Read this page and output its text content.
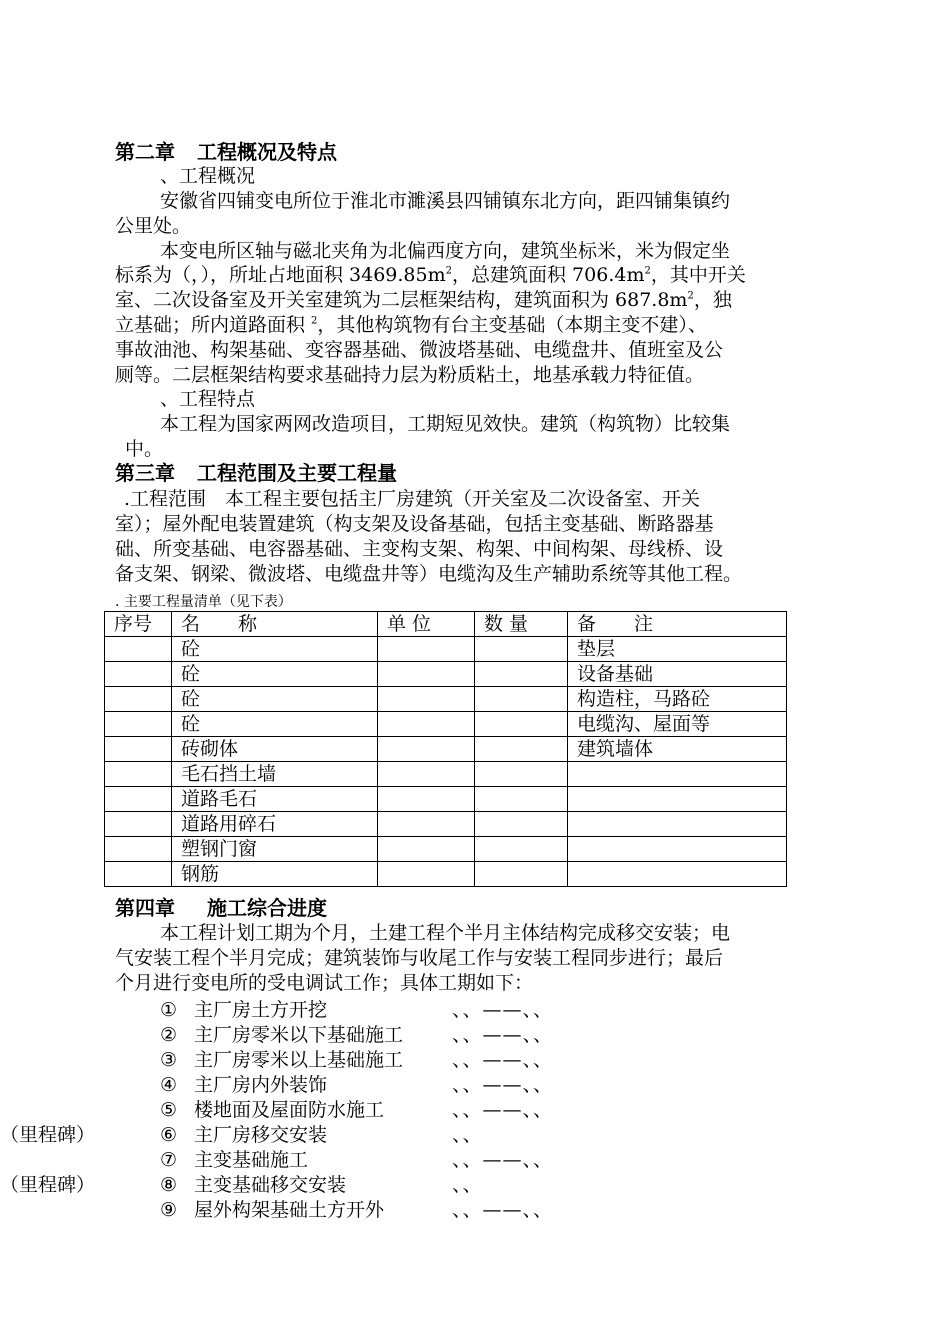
第二章 工程概况及特点
、工程概况
安徽省四铺变电所位于淮北市濉溪县四铺镇东北方向，距四铺集镇约
公里处。
本变电所区轴与磁北夹角为北偏西度方向，建筑坐标米，米为假定坐
标系为（，），所址占地面积 $3469.85m^2$，总建筑面积 $706.4m^2$，其中开关
室、二次设备室及开关室建筑为二层框架结构，建筑面积为 $687.8m^2$，独
立基础；所内道路面积 $^2$，其他构筑物有台主变基础（本期主变不建）、
事故油池、构架基础、变容器基础、微波塔基础、电缆盘井、值班室及公
厕等。二层框架结构要求基础持力层为粉质粘土，地基承载力特征值。
、工程特点
本工程为国家两网改造项目，工期短见效快。建筑（构筑物）比较集
中。
第三章 工程范围及主要工程量
.工程范围　本工程主要包括主厂房建筑（开关室及二次设备室、开关
室）；屋外配电装置建筑（构支架及设备基础，包括主变基础、断路器基
础、所变基础、电容器基础、主变构支架、构架、中间构架、母线桥、设
备支架、钢梁、微波塔、电缆盘井等）电缆沟及生产辅助系统等其他工程。
. 主要工程量清单（见下表）
序号	名　　称	单 位	数 量	备　　注
	砼			垫层
	砼			设备基础
	砼			构造柱，马路砼
	砼			电缆沟、屋面等
	砖砌体			建筑墙体
	毛石挡土墙			
	道路毛石			
	道路用碎石			
	塑钢门窗			
	钢筋			
第四章 施工综合进度
本工程计划工期为个月，土建工程个半月主体结构完成移交安装；电
气安装工程个半月完成；建筑装饰与收尾工作与安装工程同步进行；最后
个月进行变电所的受电调试工作；具体工期如下：
① 主厂房土方开挖	、、——、、
② 主厂房零米以下基础施工	、、——、、
③ 主厂房零米以上基础施工	、、——、、
④ 主厂房内外装饰	、、——、、
⑤ 楼地面及屋面防水施工	、、——、、
⑥ 主厂房移交安装	、、
（里程碑）
⑦ 主变基础施工	、、——、、
⑧ 主变基础移交安装	、、
（里程碑）
⑨ 屋外构架基础土方开外	、、——、、
